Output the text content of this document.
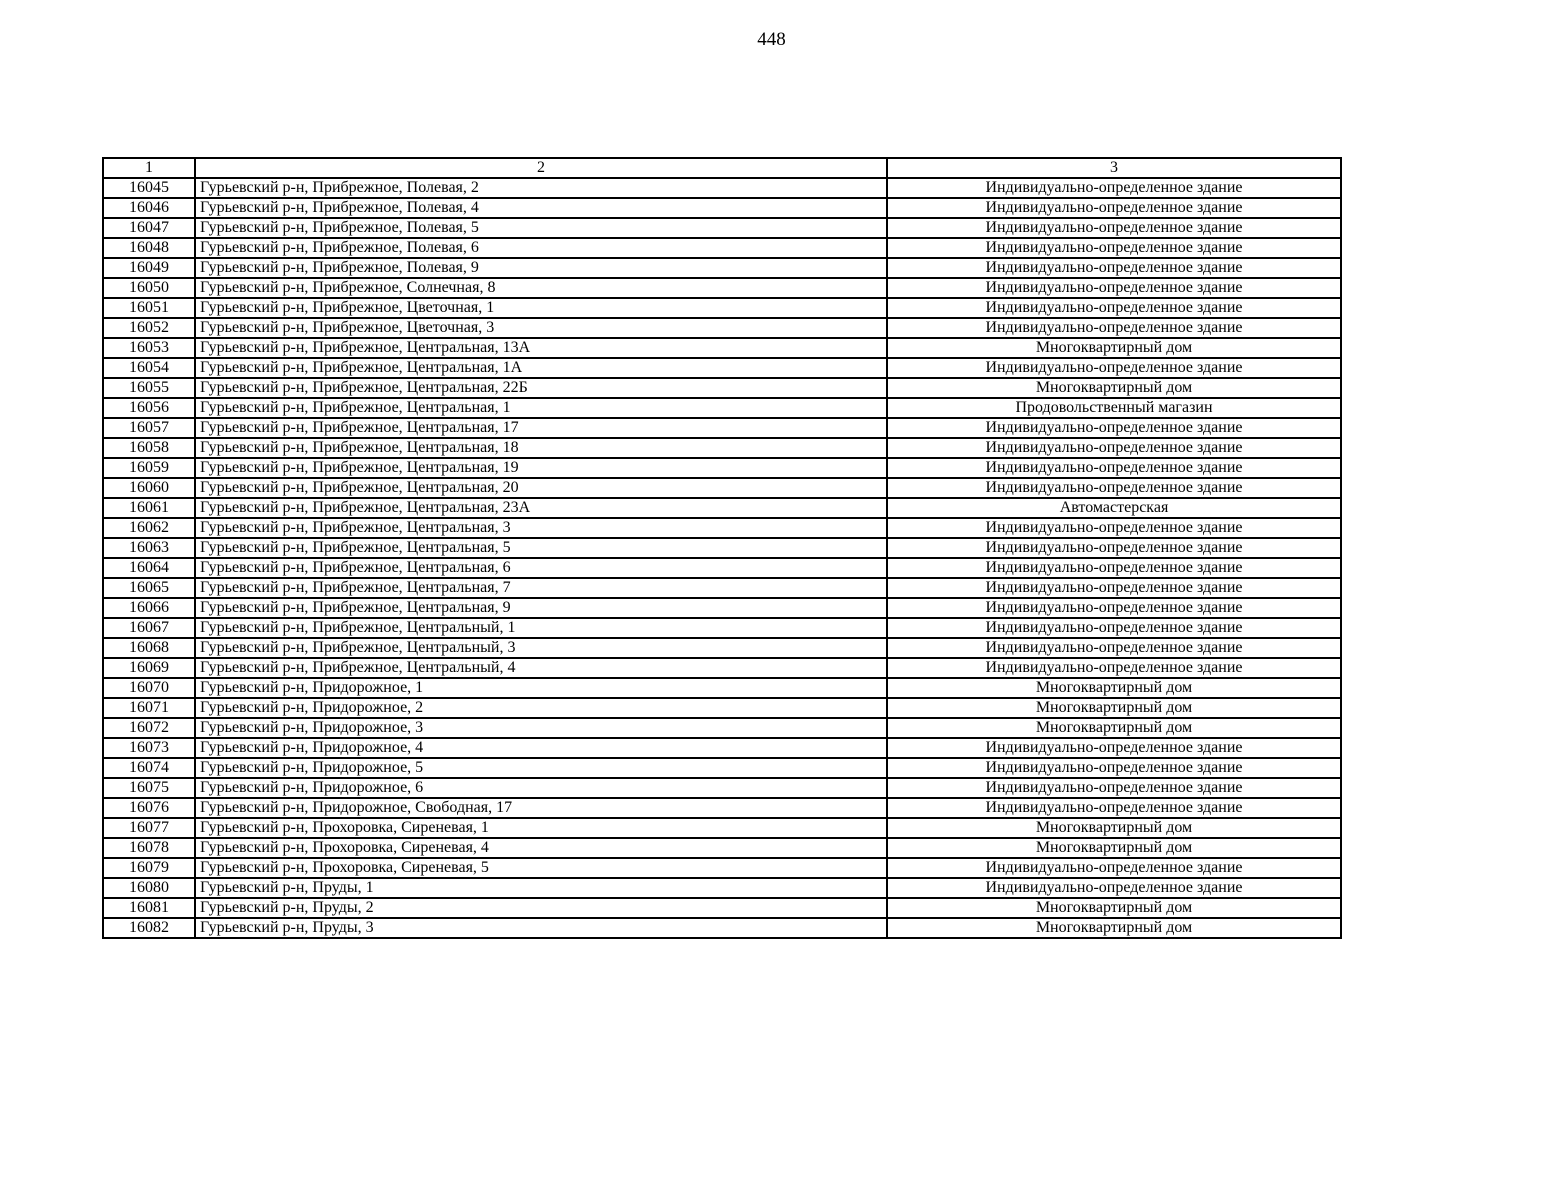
448
1	2	3
16045	Гурьевский р-н, Прибрежное, Полевая, 2	Индивидуально-определенное здание
16046	Гурьевский р-н, Прибрежное, Полевая, 4	Индивидуально-определенное здание
16047	Гурьевский р-н, Прибрежное, Полевая, 5	Индивидуально-определенное здание
16048	Гурьевский р-н, Прибрежное, Полевая, 6	Индивидуально-определенное здание
16049	Гурьевский р-н, Прибрежное, Полевая, 9	Индивидуально-определенное здание
16050	Гурьевский р-н, Прибрежное, Солнечная, 8	Индивидуально-определенное здание
16051	Гурьевский р-н, Прибрежное, Цветочная, 1	Индивидуально-определенное здание
16052	Гурьевский р-н, Прибрежное, Цветочная, 3	Индивидуально-определенное здание
16053	Гурьевский р-н, Прибрежное, Центральная, 13А	Многоквартирный дом
16054	Гурьевский р-н, Прибрежное, Центральная, 1А	Индивидуально-определенное здание
16055	Гурьевский р-н, Прибрежное, Центральная, 22Б	Многоквартирный дом
16056	Гурьевский р-н, Прибрежное, Центральная, 1	Продовольственный магазин
16057	Гурьевский р-н, Прибрежное, Центральная, 17	Индивидуально-определенное здание
16058	Гурьевский р-н, Прибрежное, Центральная, 18	Индивидуально-определенное здание
16059	Гурьевский р-н, Прибрежное, Центральная, 19	Индивидуально-определенное здание
16060	Гурьевский р-н, Прибрежное, Центральная, 20	Индивидуально-определенное здание
16061	Гурьевский р-н, Прибрежное, Центральная, 23А	Автомастерская
16062	Гурьевский р-н, Прибрежное, Центральная, 3	Индивидуально-определенное здание
16063	Гурьевский р-н, Прибрежное, Центральная, 5	Индивидуально-определенное здание
16064	Гурьевский р-н, Прибрежное, Центральная, 6	Индивидуально-определенное здание
16065	Гурьевский р-н, Прибрежное, Центральная, 7	Индивидуально-определенное здание
16066	Гурьевский р-н, Прибрежное, Центральная, 9	Индивидуально-определенное здание
16067	Гурьевский р-н, Прибрежное, Центральный, 1	Индивидуально-определенное здание
16068	Гурьевский р-н, Прибрежное, Центральный, 3	Индивидуально-определенное здание
16069	Гурьевский р-н, Прибрежное, Центральный, 4	Индивидуально-определенное здание
16070	Гурьевский р-н, Придорожное, 1	Многоквартирный дом
16071	Гурьевский р-н, Придорожное, 2	Многоквартирный дом
16072	Гурьевский р-н, Придорожное, 3	Многоквартирный дом
16073	Гурьевский р-н, Придорожное, 4	Индивидуально-определенное здание
16074	Гурьевский р-н, Придорожное, 5	Индивидуально-определенное здание
16075	Гурьевский р-н, Придорожное, 6	Индивидуально-определенное здание
16076	Гурьевский р-н, Придорожное, Свободная, 17	Индивидуально-определенное здание
16077	Гурьевский р-н, Прохоровка, Сиреневая, 1	Многоквартирный дом
16078	Гурьевский р-н, Прохоровка, Сиреневая, 4	Многоквартирный дом
16079	Гурьевский р-н, Прохоровка, Сиреневая, 5	Индивидуально-определенное здание
16080	Гурьевский р-н, Пруды, 1	Индивидуально-определенное здание
16081	Гурьевский р-н, Пруды, 2	Многоквартирный дом
16082	Гурьевский р-н, Пруды, 3	Многоквартирный дом
